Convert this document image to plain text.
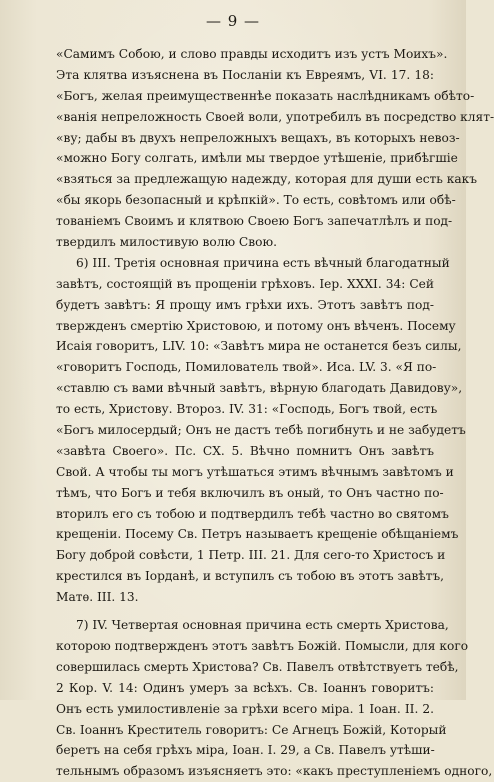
— 9 —
«Самимъ Собою, и слово правды исходитъ изъ устъ Моихъ».
Эта клятва изъяснена въ Посланіи къ Евреямъ, VI. 17. 18:
«Богъ, желая преимущественнѣе показать наслѣдникамъ обѣто-
«ванія непреложность Своей воли, употребилъ въ посредство клят-
«ву; дабы въ двухъ непреложныхъ вещахъ, въ которыхъ невоз-
«можно Богу солгать, имѣли мы твердое утѣшеніе, прибѣгшіе
«взяться за предлежащую надежду, которая для души есть какъ
«бы якорь безопасный и крѣпкій». То есть, совѣтомъ или обѣ-
тованіемъ Своимъ и клятвою Своею Богъ запечатлѣлъ и под-
твердилъ милостивую волю Свою.
6) III. Третія основная причина есть вѣчный благодатный
завѣтъ, состоящій въ прощеніи грѣховъ. Iер. XXXI. 34: Сей
будетъ завѣтъ: Я прощу имъ грѣхи ихъ. Этотъ завѣтъ под-
твержденъ смертію Христовою, и потому онъ вѣченъ. Посему
Исаія говоритъ, LIV. 10: «Завѣтъ мира не останется безъ силы,
«говоритъ Господь, Помилователь твой». Иса. LV. 3. «Я по-
«ставлю съ вами вѣчный завѣтъ, вѣрную благодать Давидову»,
то есть, Христову. Второз. IV. 31: «Господь, Богъ твой, есть
«Богъ милосердый; Онъ не дастъ тебѣ погибнуть и не забудетъ
«завѣта Своего». Пс. CX. 5. Вѣчно помнитъ Онъ завѣтъ
Свой. А чтобы ты могъ утѣшаться этимъ вѣчнымъ завѣтомъ и
тѣмъ, что Богъ и тебя включилъ въ оный, то Онъ частно по-
вторилъ его съ тобою и подтвердилъ тебѣ частно во святомъ
крещеніи. Посему Св. Петръ называетъ крещеніе обѣщаніемъ
Богу доброй совѣсти, 1 Петр. III. 21. Для сего-то Христосъ и
крестился въ Iорданѣ, и вступилъ съ тобою въ этотъ завѣтъ,
Матѳ. III. 13.
7) IV. Четвертая основная причина есть смерть Христова,
которою подтвержденъ этотъ завѣтъ Божій. Помысли, для кого
совершилась смерть Христова? Св. Павелъ отвѣтствуетъ тебѣ,
2 Кор. V. 14: Одинъ умеръ за всѣхъ. Св. Іоаннъ говоритъ:
Онъ есть умилостивленіе за грѣхи всего міра. 1 Іоан. II. 2.
Св. Іоаннъ Креститель говоритъ: Се Агнецъ Божій, Который
беретъ на себя грѣхъ міра, Іоан. I. 29, а Св. Павелъ утѣши-
тельнымъ образомъ изъясняетъ это: «какъ преступленіемъ одного,
